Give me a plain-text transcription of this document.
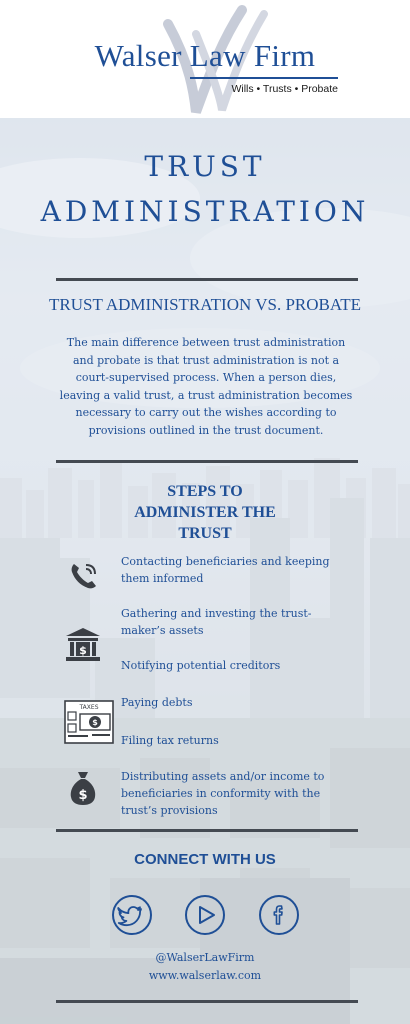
Walser Law Firm
Wills • Trusts • Probate
TRUST
ADMINISTRATION
TRUST ADMINISTRATION VS. PROBATE
The main difference between trust administration and probate is that trust administration is not a court-supervised process. When a person dies, leaving a valid trust, a trust administration becomes necessary to carry out the wishes according to provisions outlined in the trust document.
STEPS TO
ADMINISTER THE
TRUST
Contacting beneficiaries and keeping them informed
$
Gathering and investing the trust-maker’s assets
Notifying potential creditors
TAXES
$
Paying debts
Filing tax returns
$
Distributing assets and/or income to beneficiaries in conformity with the trust’s provisions
CONNECT WITH US
@WalserLawFirm
www.walserlaw.com
